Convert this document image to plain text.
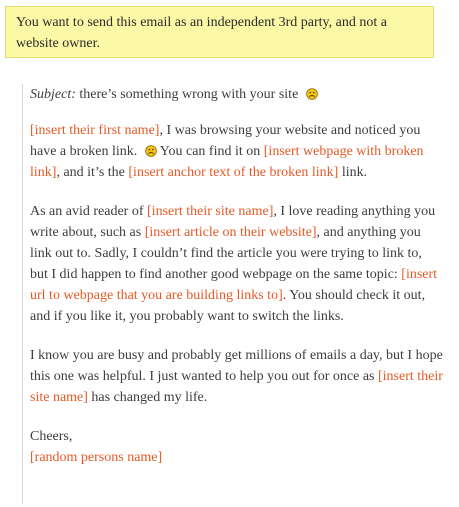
You want to send this email as an independent 3rd party, and not a website owner.

Subject: there’s something wrong with your site

[insert their first name], I was browsing your website and noticed you have a broken link. You can find it on [insert webpage with broken link], and it’s the [insert anchor text of the broken link] link.

As an avid reader of [insert their site name], I love reading anything you write about, such as [insert article on their website], and anything you link out to. Sadly, I couldn’t find the article you were trying to link to, but I did happen to find another good webpage on the same topic: [insert url to webpage that you are building links to]. You should check it out, and if you like it, you probably want to switch the links.

I know you are busy and probably get millions of emails a day, but I hope this one was helpful. I just wanted to help you out for once as [insert their site name] has changed my life.

Cheers,
[random persons name]
